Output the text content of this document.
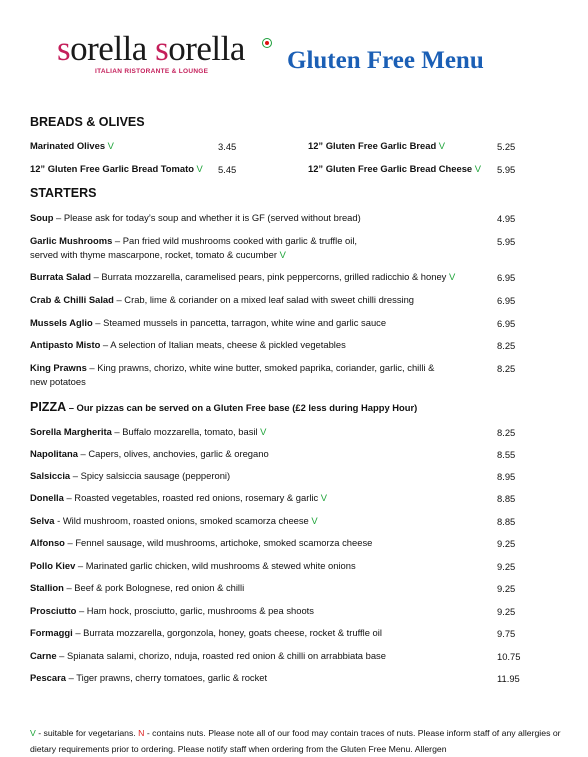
sorella sorella
ITALIAN RISTORANTE & LOUNGE	Gluten Free Menu
BREADS & OLIVES
Marinated Olives V	3.45	12” Gluten Free Garlic Bread V	5.25
12” Gluten Free Garlic Bread Tomato V 5.45	12” Gluten Free Garlic Bread Cheese V 5.95
STARTERS
Soup – Please ask for today’s soup and whether it is GF (served without bread)	4.95
Garlic Mushrooms – Pan fried wild mushrooms cooked with garlic & truffle oil,
served with thyme mascarpone, rocket, tomato & cucumber V
5.95
Burrata Salad – Burrata mozzarella, caramelised pears, pink peppercorns, grilled radicchio & honey V	6.95
Crab & Chilli Salad – Crab, lime & coriander on a mixed leaf salad with sweet chilli dressing	6.95
Mussels Aglio – Steamed mussels in pancetta, tarragon, white wine and garlic sauce	6.95
Antipasto Misto – A selection of Italian meats, cheese & pickled vegetables	8.25
King Prawns – King prawns, chorizo, white wine butter, smoked paprika, coriander, garlic, chilli &
new potatoes
8.25
PIZZA – Our pizzas can be served on a Gluten Free base (£2 less during Happy Hour)
Sorella Margherita – Buffalo mozzarella, tomato, basil V	8.25
Napolitana – Capers, olives, anchovies, garlic & oregano	8.55
Salsiccia – Spicy salsiccia sausage (pepperoni)	8.95
Donella – Roasted vegetables, roasted red onions, rosemary & garlic V	8.85
Selva - Wild mushroom, roasted onions, smoked scamorza cheese V	8.85
Alfonso – Fennel sausage, wild mushrooms, artichoke, smoked scamorza cheese	9.25
Pollo Kiev – Marinated garlic chicken, wild mushrooms & stewed white onions	9.25
Stallion – Beef & pork Bolognese, red onion & chilli	9.25
Prosciutto – Ham hock, prosciutto, garlic, mushrooms & pea shoots	9.25
Formaggi – Burrata mozzarella, gorgonzola, honey, goats cheese, rocket & truffle oil	9.75
Carne – Spianata salami, chorizo, nduja, roasted red onion & chilli on arrabbiata base	10.75
Pescara – Tiger prawns, cherry tomatoes, garlic & rocket	11.95
V - suitable for vegetarians. N - contains nuts. Please note all of our food may contain traces of nuts. Please inform staff of any allergies or dietary requirements prior to ordering. Please notify staff when ordering from the Gluten Free Menu. Allergen
